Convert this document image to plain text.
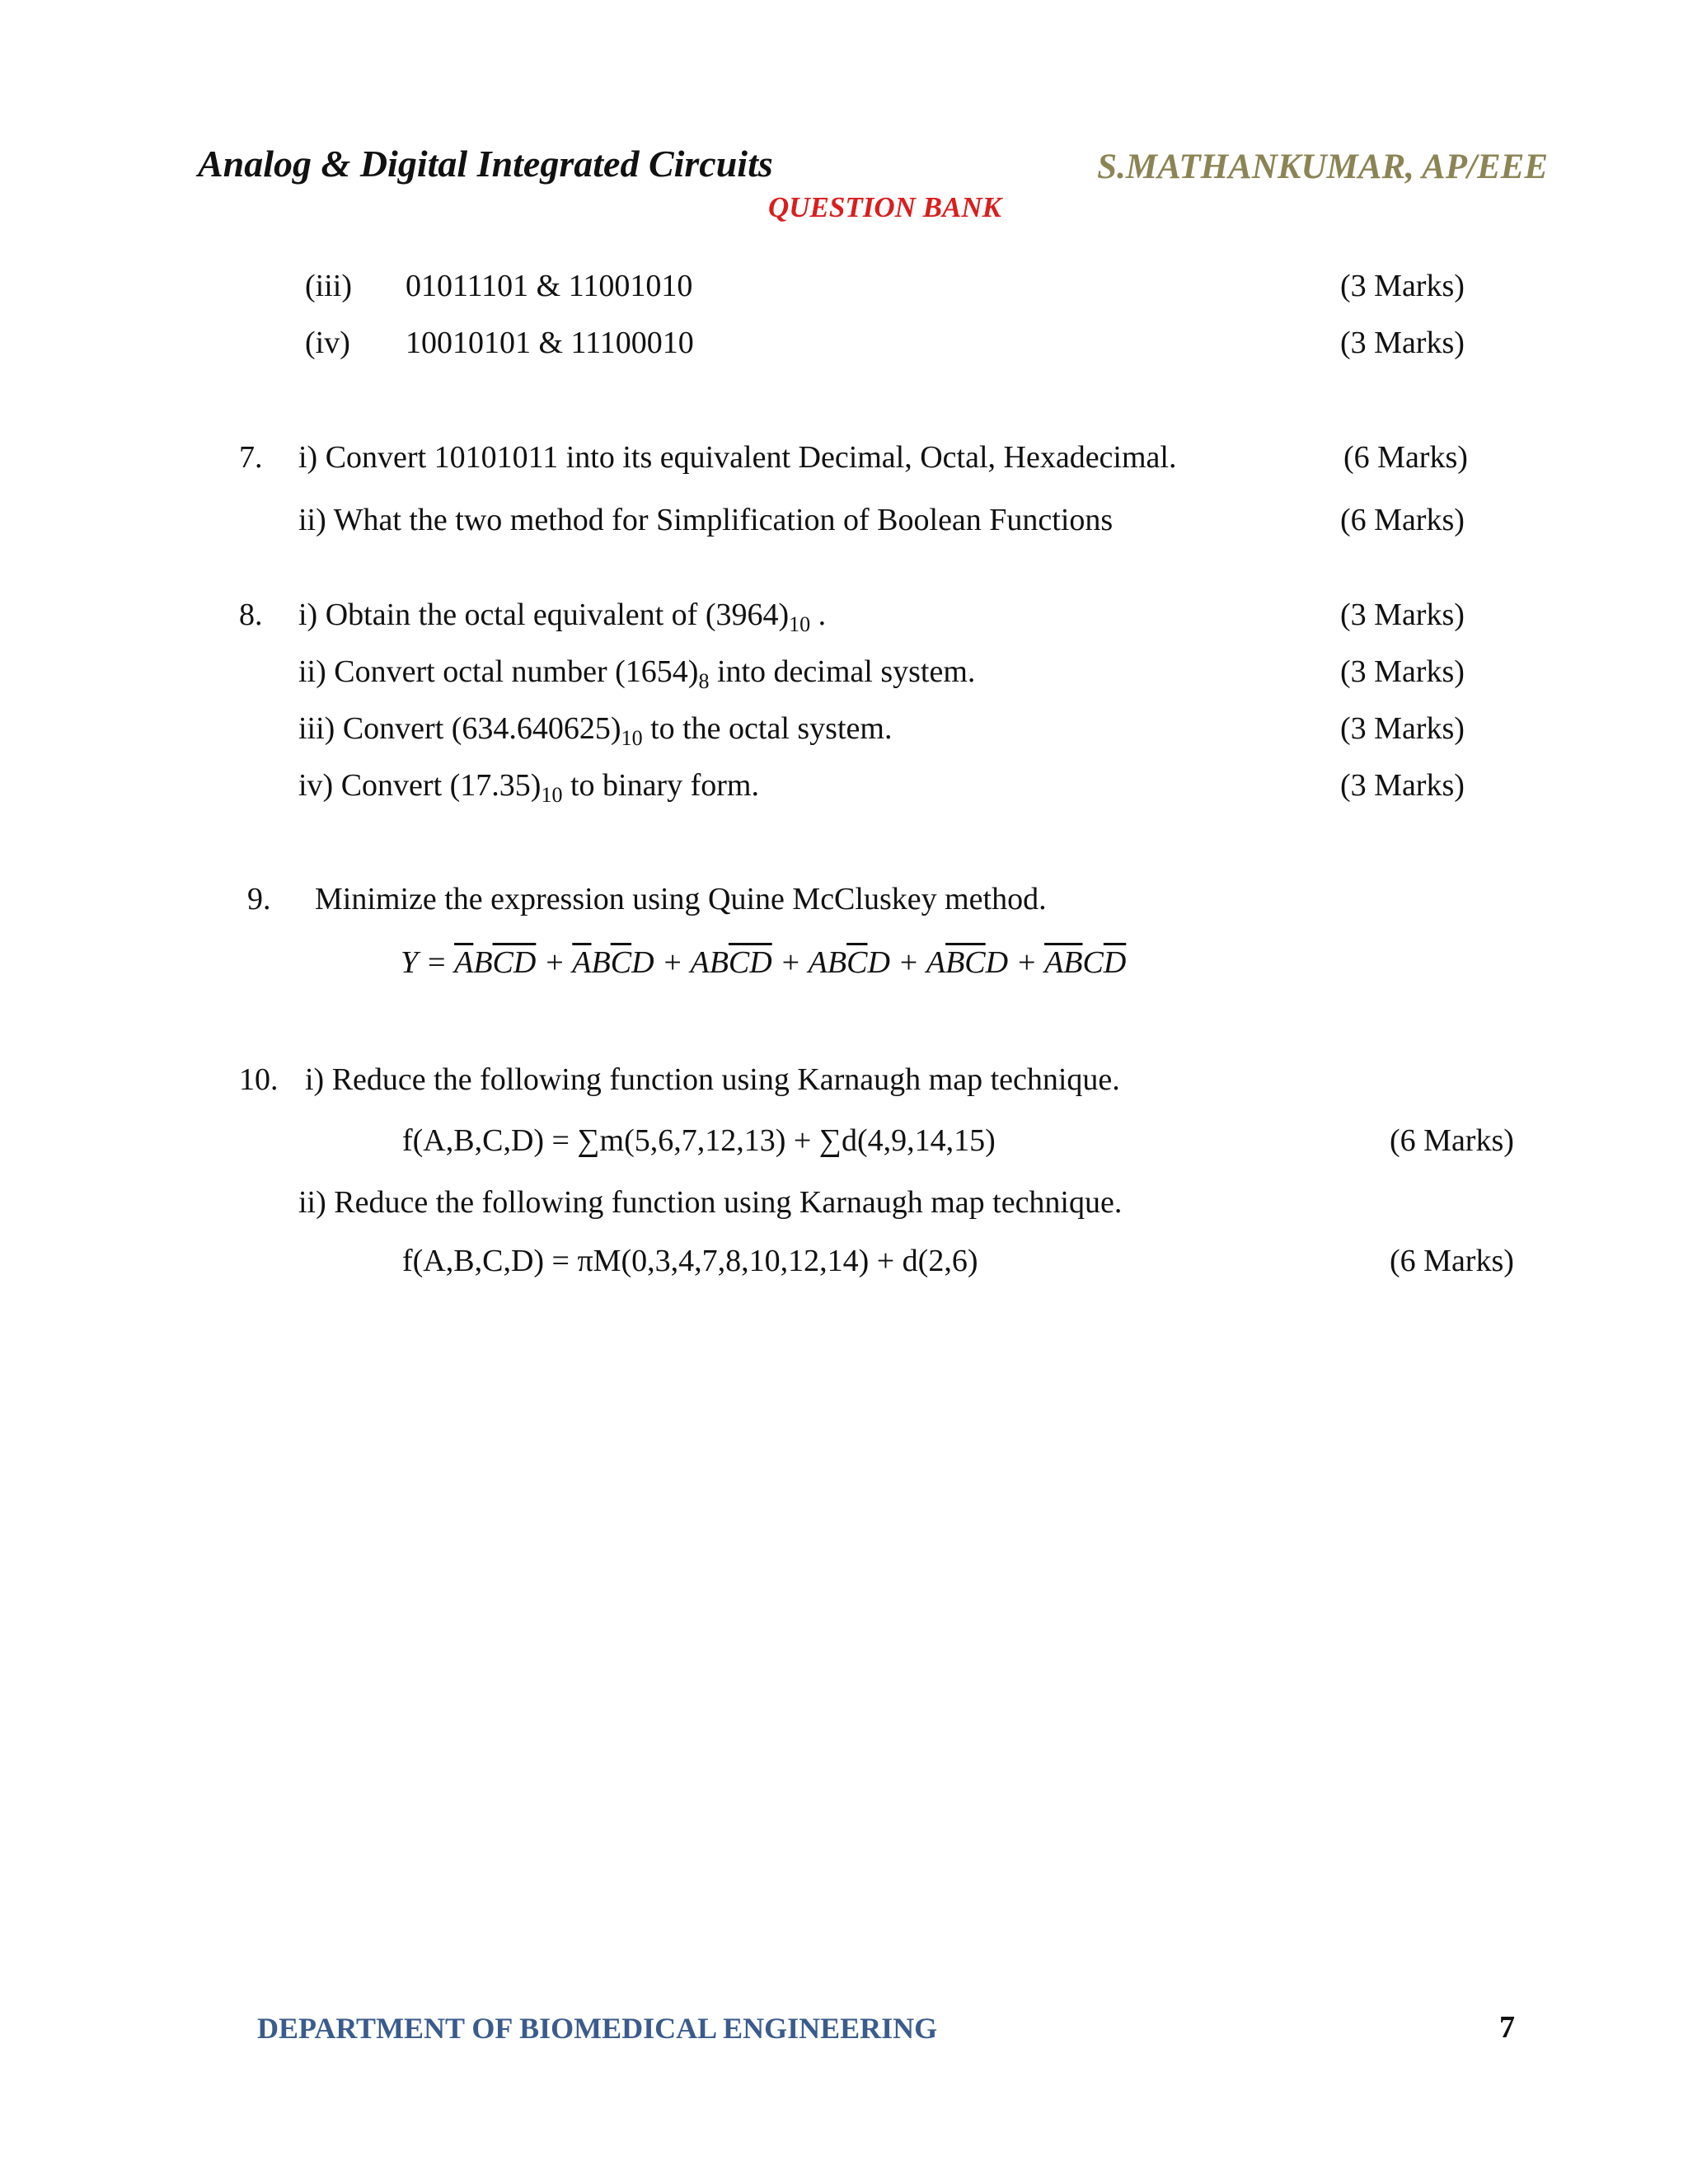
Analog & Digital Integrated Circuits	S.MATHANKUMAR, AP/EEE
QUESTION BANK
(iii) 01011101 & 11001010	(3 Marks)
(iv) 10010101 & 11100010	(3 Marks)
7. i) Convert 10101011 into its equivalent Decimal, Octal, Hexadecimal.	(6 Marks)
ii) What the two method for Simplification of Boolean Functions	(6 Marks)
8. i) Obtain the octal equivalent of $(3964)_{10}$ .	(3 Marks)
ii) Convert octal number $(1654)_8$ into decimal system.	(3 Marks)
iii) Convert $(634.640625)_{10}$ to the octal system.	(3 Marks)
iv) Convert $(17.35)_{10}$ to binary form.	(3 Marks)
9. Minimize the expression using Quine McCluskey method.
$Y = \overline{A}B\overline{CD} + \overline{A}B\overline{C}D + AB\overline{CD} + AB\overline{C}D + A\overline{BC}D + \overline{AB}C\overline{D}$
10. i) Reduce the following function using Karnaugh map technique.
f(A,B,C,D) = ∑m(5,6,7,12,13) + ∑d(4,9,14,15)	(6 Marks)
ii) Reduce the following function using Karnaugh map technique.
f(A,B,C,D) = πM(0,3,4,7,8,10,12,14) + d(2,6)	(6 Marks)
DEPARTMENT OF BIOMEDICAL ENGINEERING	7
